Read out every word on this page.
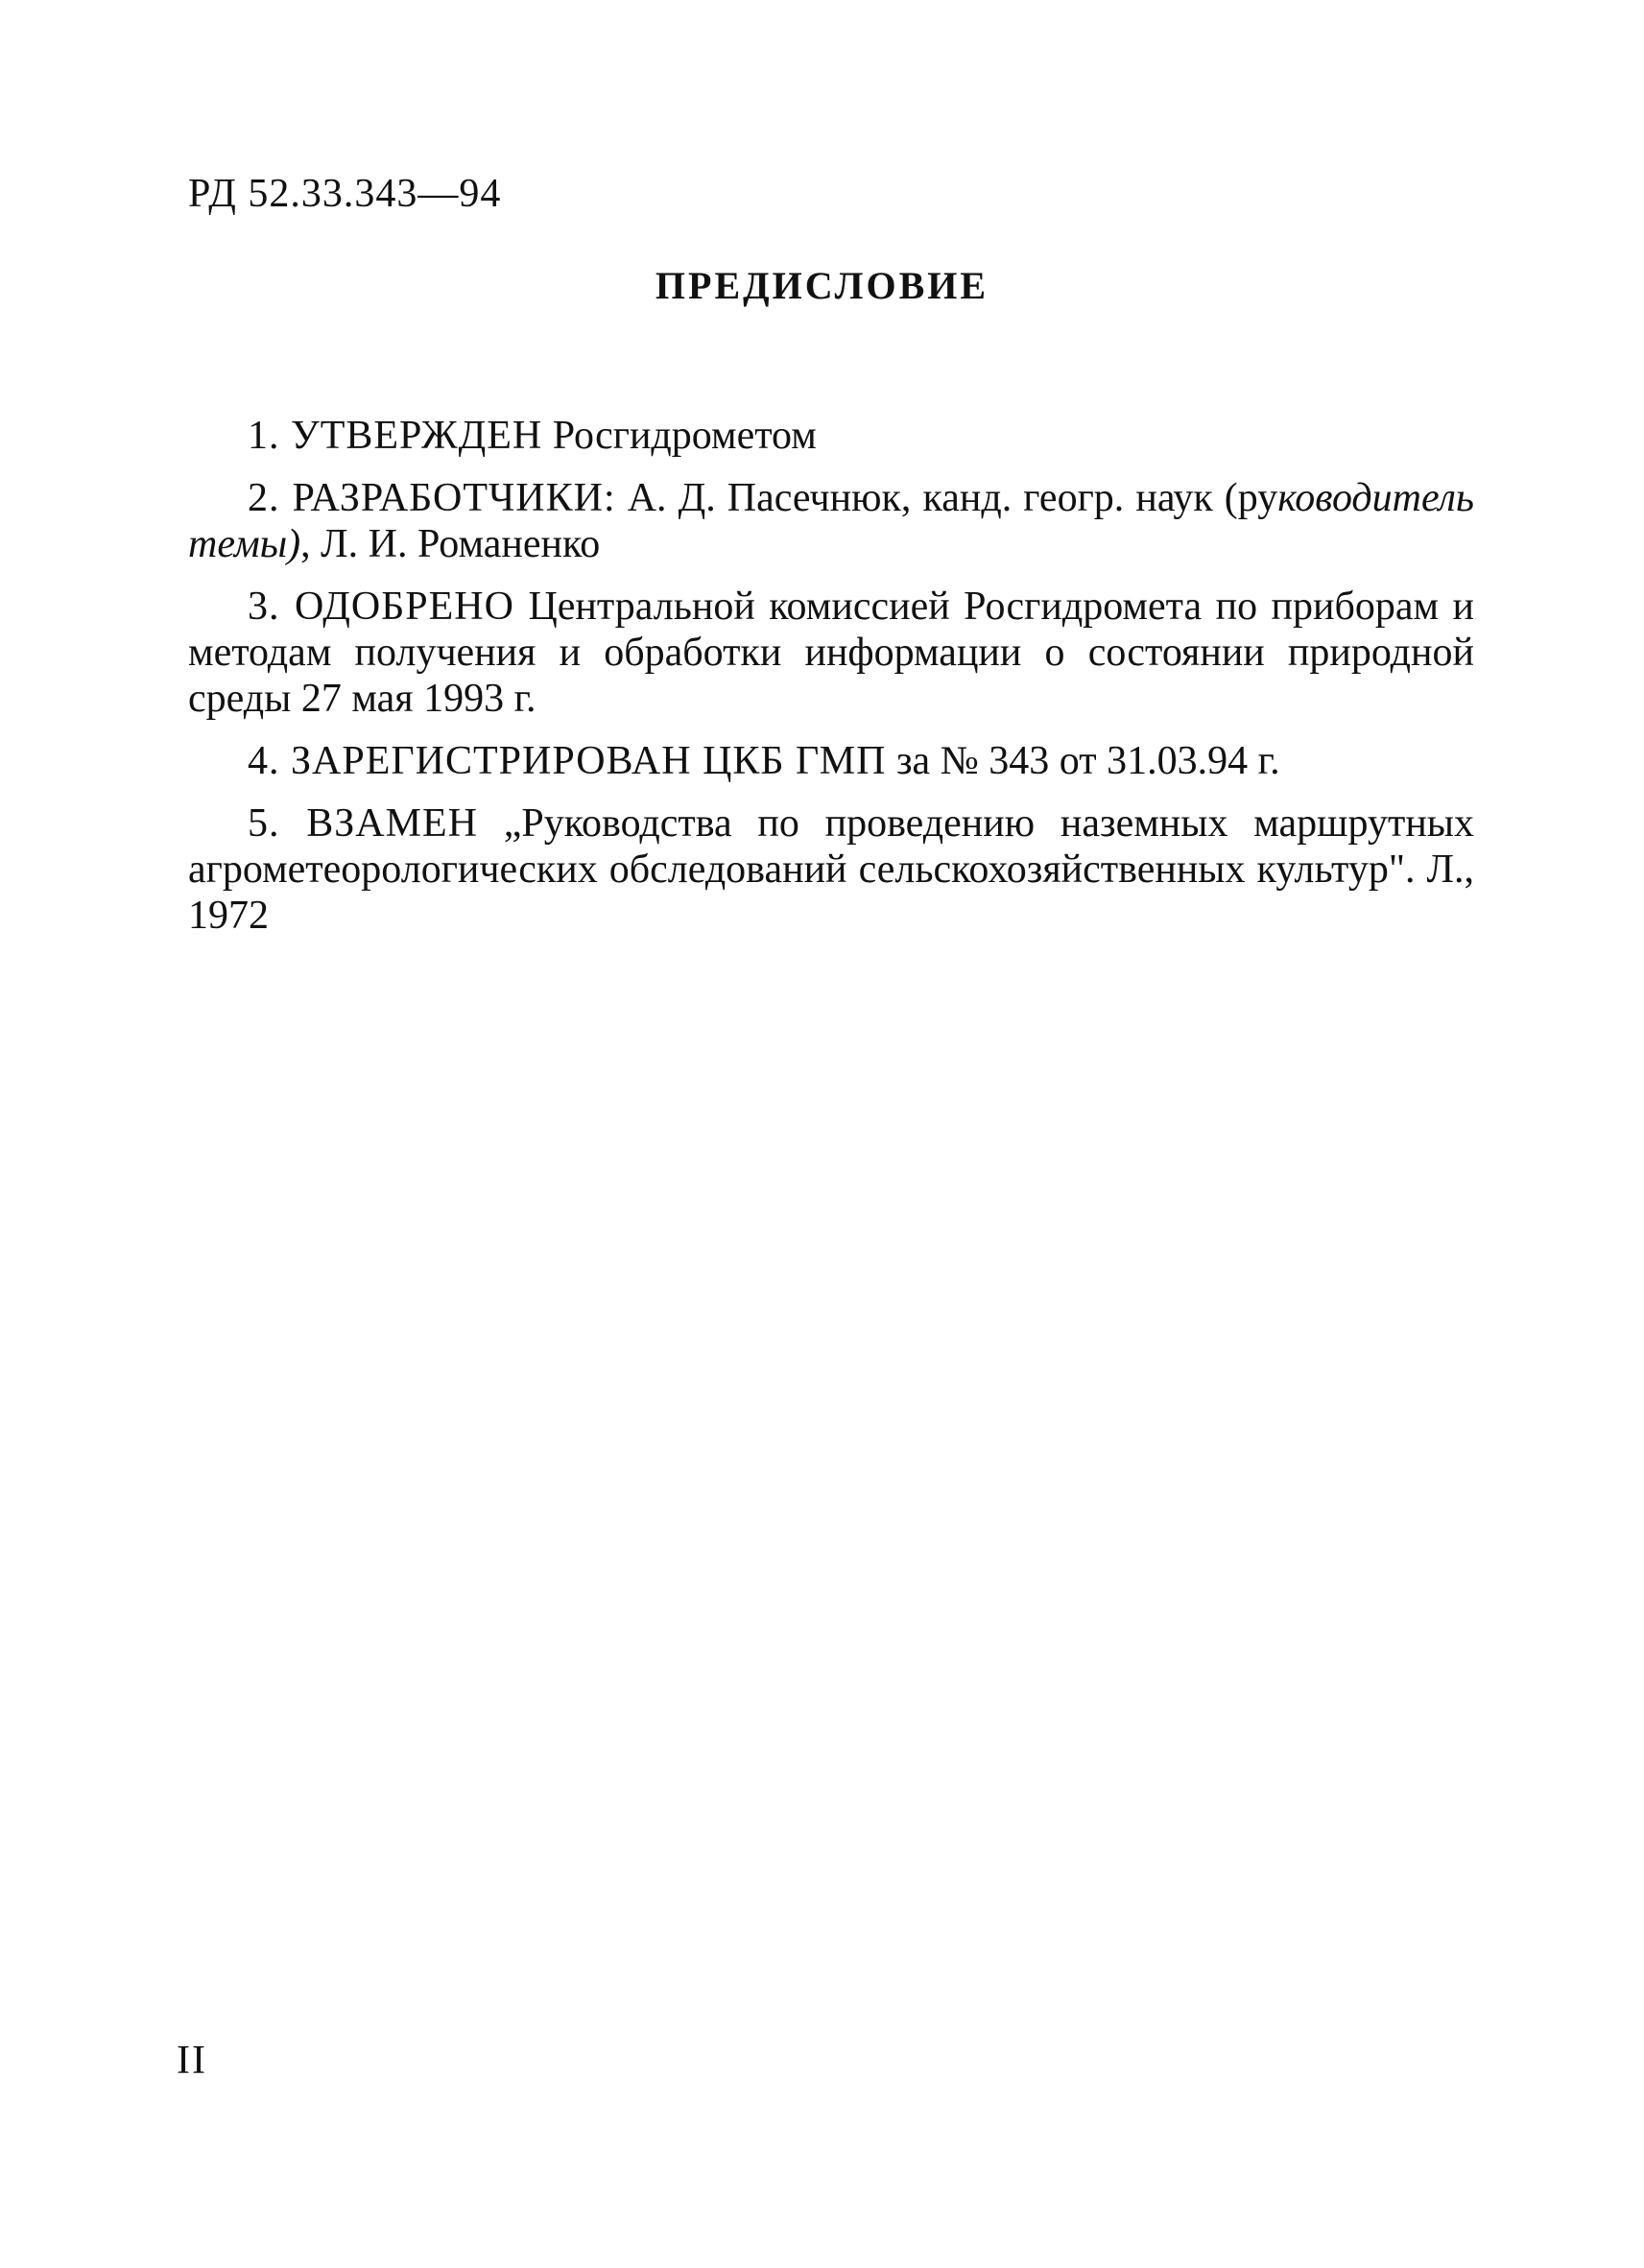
РД 52.33.343—94
ПРЕДИСЛОВИЕ

1. УТВЕРЖДЕН Росгидрометом

2. РАЗРАБОТЧИКИ: А. Д. Пасечнюк, канд. геогр. наук (руководитель темы), Л. И. Романенко

3. ОДОБРЕНО Центральной комиссией Росгидромета по приборам и методам получения и обработки информации о состоянии природной среды 27 мая 1993 г.

4. ЗАРЕГИСТРИРОВАН ЦКБ ГМП за № 343 от 31.03.94 г.

5. ВЗАМЕН „Руководства по проведению наземных маршрутных агрометеорологических обследований сельскохозяйственных культур". Л., 1972

II
